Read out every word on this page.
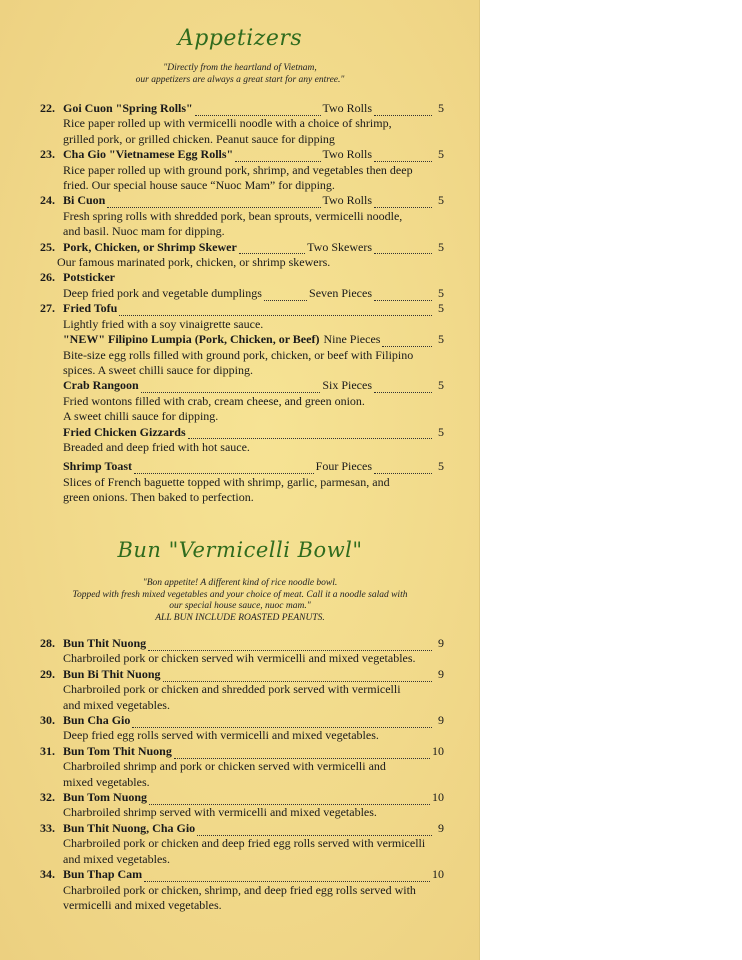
Appetizers
"Directly from the heartland of Vietnam,
our appetizers are always a great start for any entree."
22. Goi Cuon "Spring Rolls"	Two Rolls	5
Rice paper rolled up with vermicelli noodle with a choice of shrimp,
grilled pork, or grilled chicken. Peanut sauce for dipping
23. Cha Gio "Vietnamese Egg Rolls"	Two Rolls	5
Rice paper rolled up with ground pork, shrimp, and vegetables then deep
fried. Our special house sauce “Nuoc Mam” for dipping.
24. Bi Cuon	Two Rolls	5
Fresh spring rolls with shredded pork, bean sprouts, vermicelli noodle,
and basil. Nuoc mam for dipping.
25. Pork, Chicken, or Shrimp Skewer	Two Skewers	5
Our famous marinated pork, chicken, or shrimp skewers.
26. Potsticker
Deep fried pork and vegetable dumplings	Seven Pieces	5
27. Fried Tofu	5
Lightly fried with a soy vinaigrette sauce.
"NEW" Filipino Lumpia (Pork, Chicken, or Beef) Nine Pieces	5
Bite-size egg rolls filled with ground pork, chicken, or beef with Filipino
spices. A sweet chilli sauce for dipping.
Crab Rangoon	Six Pieces	5
Fried wontons filled with crab, cream cheese, and green onion.
A sweet chilli sauce for dipping.
Fried Chicken Gizzards	5
Breaded and deep fried with hot sauce.
Shrimp Toast	Four Pieces	5
Slices of French baguette topped with shrimp, garlic, parmesan, and
green onions. Then baked to perfection.
Bun "Vermicelli Bowl"
"Bon appetite! A different kind of rice noodle bowl.
Topped with fresh mixed vegetables and your choice of meat. Call it a noodle salad with
our special house sauce, nuoc mam."
ALL BUN INCLUDE ROASTED PEANUTS.
28. Bun Thit Nuong	9
Charbroiled pork or chicken served wih vermicelli and mixed vegetables.
29. Bun Bi Thit Nuong	9
Charbroiled pork or chicken and shredded pork served with vermicelli
and mixed vegetables.
30. Bun Cha Gio	9
Deep fried egg rolls served with vermicelli and mixed vegetables.
31. Bun Tom Thit Nuong	10
Charbroiled shrimp and pork or chicken served with vermicelli and
mixed vegetables.
32. Bun Tom Nuong	10
Charbroiled shrimp served with vermicelli and mixed vegetables.
33. Bun Thit Nuong, Cha Gio	9
Charbroiled pork or chicken and deep fried egg rolls served with vermicelli
and mixed vegetables.
34. Bun Thap Cam	10
Charbroiled pork or chicken, shrimp, and deep fried egg rolls served with
vermicelli and mixed vegetables.
